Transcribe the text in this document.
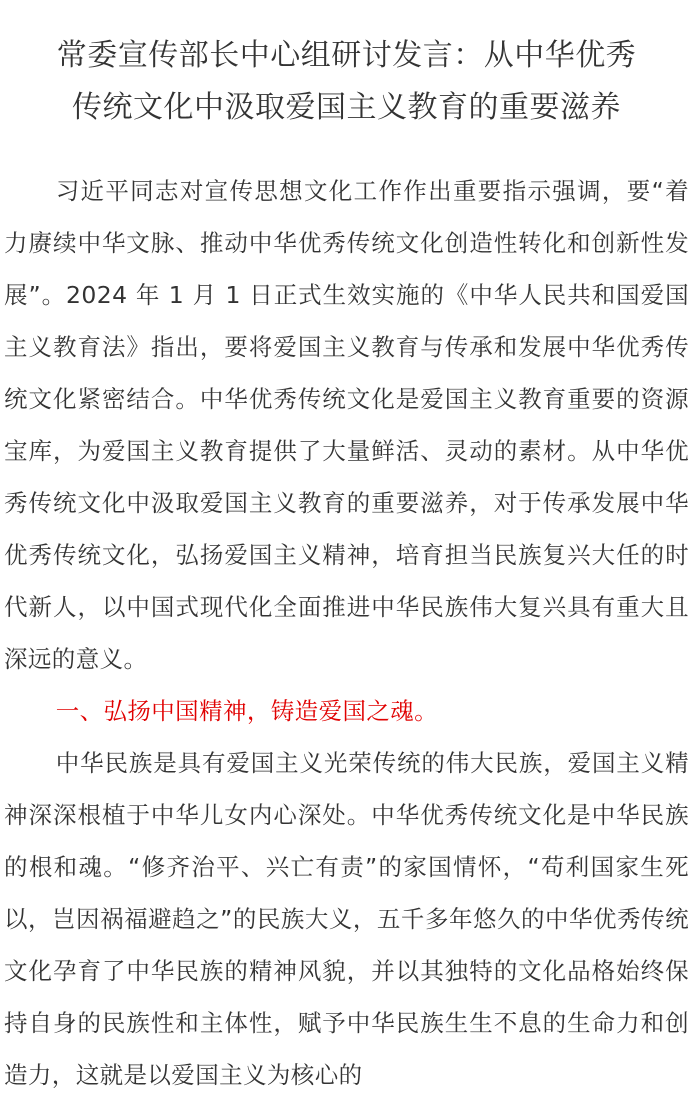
常委宣传部长中心组研讨发言：从中华优秀
传统文化中汲取爱国主义教育的重要滋养

习近平同志对宣传思想文化工作作出重要指示强调，要“着力赓续中华文脉、推动中华优秀传统文化创造性转化和创新性发展”。2024 年 1 月 1 日正式生效实施的《中华人民共和国爱国主义教育法》指出，要将爱国主义教育与传承和发展中华优秀传统文化紧密结合。中华优秀传统文化是爱国主义教育重要的资源宝库，为爱国主义教育提供了大量鲜活、灵动的素材。从中华优秀传统文化中汲取爱国主义教育的重要滋养，对于传承发展中华优秀传统文化，弘扬爱国主义精神，培育担当民族复兴大任的时代新人，以中国式现代化全面推进中华民族伟大复兴具有重大且深远的意义。

一、弘扬中国精神，铸造爱国之魂。

中华民族是具有爱国主义光荣传统的伟大民族，爱国主义精神深深根植于中华儿女内心深处。中华优秀传统文化是中华民族的根和魂。“修齐治平、兴亡有责”的家国情怀，“苟利国家生死以，岂因祸福避趋之”的民族大义，五千多年悠久的中华优秀传统文化孕育了中华民族的精神风貌，并以其独特的文化品格始终保持自身的民族性和主体性，赋予中华民族生生不息的生命力和创造力，这就是以爱国主义为核心的
